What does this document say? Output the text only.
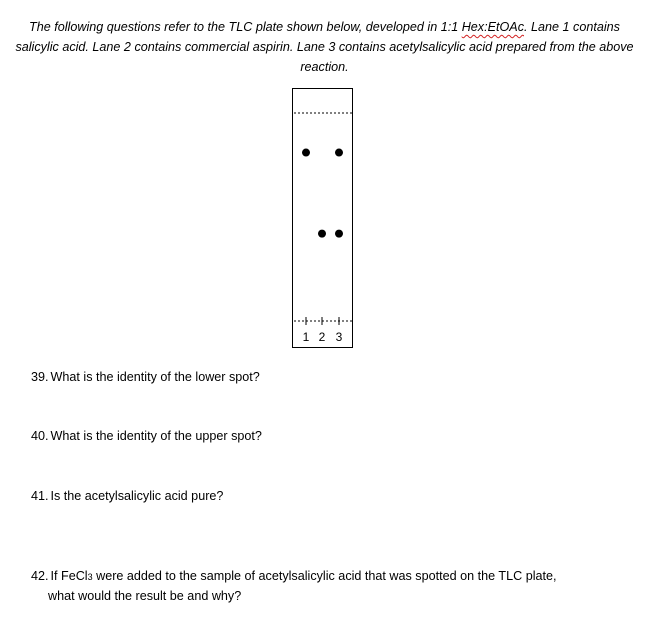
The following questions refer to the TLC plate shown below, developed in 1:1 Hex:EtOAc. Lane 1 contains salicylic acid. Lane 2 contains commercial aspirin. Lane 3 contains acetylsalicylic acid prepared from the above reaction.

1 2 3

39. What is the identity of the lower spot?

40. What is the identity of the upper spot?

41. Is the acetylsalicylic acid pure?

42. If FeCl3 were added to the sample of acetylsalicylic acid that was spotted on the TLC plate,
what would the result be and why?
